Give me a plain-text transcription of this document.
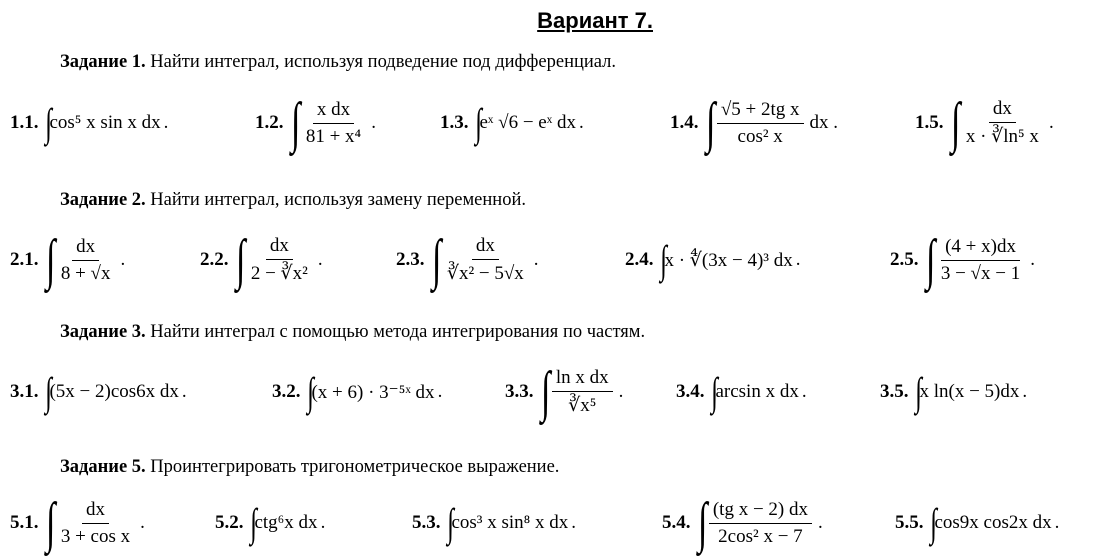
Вариант 7.
Задание 1. Найти интеграл, используя подведение под дифференциал.
1.1. ∫
cos⁵ x sin x dx .	1.2. ∫ $\frac{\text{x dx}}{\text{81 + x⁴}}$ .	1.3. ∫
eˣ √6 − eˣ dx .	1.4. ∫ $\frac{\text{√5 + 2tg x}}{\text{cos² x}}$ dx .	1.5. ∫ $\frac{dx}{\text{x · ∛ln⁵ x}}$ .
Задание 2. Найти интеграл, используя замену переменной.
2.1. ∫ $\frac{dx}{8 + √x}$ .	2.2. ∫ $\frac{dx}{\text{2 − ∛x²}}$ .	2.3. ∫ $\frac{dx}{\text{∛x² − 5√x}}$ .	2.4. ∫
x · ∜(3x − 4)³ dx .	2.5. ∫ $\frac{(4 + x)dx}{3 - √x - 1}$ .
Задание 3. Найти интеграл с помощью метода интегрирования по частям.
3.1. ∫
(5x − 2)cos6x dx .	3.2. ∫
(x + 6) · 3⁻⁵ˣ dx .	3.3. ∫ $\frac{\text{ln x dx}}{\text{∛x⁵}}$ .	3.4. ∫
arcsin x dx .	3.5. ∫
x ln(x − 5)dx .
Задание 5. Проинтегрировать тригонометрическое выражение.
5.1. ∫ $\frac{dx}{\text{3 + cos x}}$ .	5.2. ∫
ctg⁶x dx .	5.3. ∫
cos³ x sin⁸ x dx .	5.4. ∫ $\frac{\text{(tg x − 2) dx}}{\text{2cos² x − 7}}$ .	5.5. ∫
cos9x cos2x dx .
